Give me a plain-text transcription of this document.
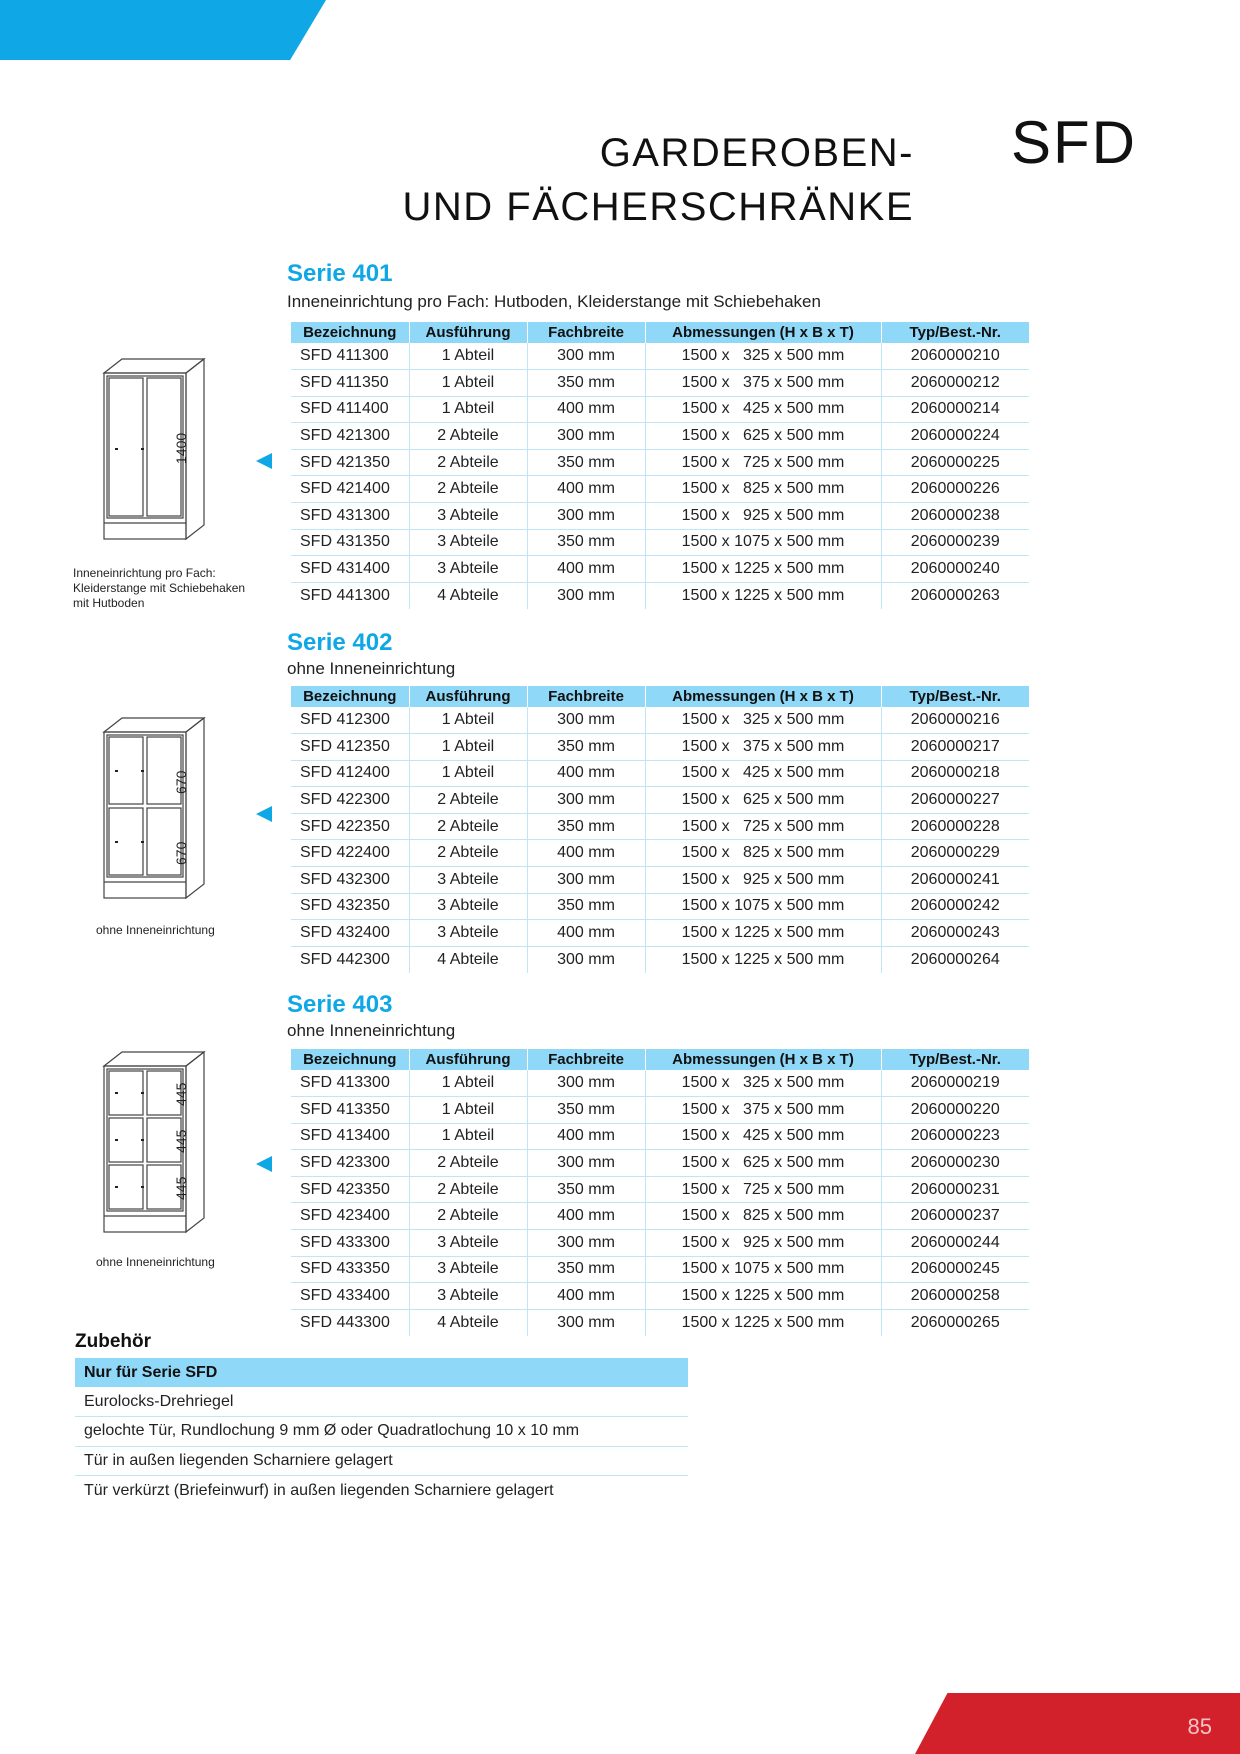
GARDEROBEN-
UND FÄCHERSCHRÄNKE
SFD
Serie 401
Inneneinrichtung pro Fach: Hutboden, Kleiderstange mit Schiebehaken
Bezeichnung	Ausführung	Fachbreite	Abmessungen (H x B x T)	Typ/Best.-Nr.
SFD 411300	1 Abteil	300 mm	1500 x   325 x 500 mm	2060000210
SFD 411350	1 Abteil	350 mm	1500 x   375 x 500 mm	2060000212
SFD 411400	1 Abteil	400 mm	1500 x   425 x 500 mm	2060000214
SFD 421300	2 Abteile	300 mm	1500 x   625 x 500 mm	2060000224
SFD 421350	2 Abteile	350 mm	1500 x   725 x 500 mm	2060000225
SFD 421400	2 Abteile	400 mm	1500 x   825 x 500 mm	2060000226
SFD 431300	3 Abteile	300 mm	1500 x   925 x 500 mm	2060000238
SFD 431350	3 Abteile	350 mm	1500 x 1075 x 500 mm	2060000239
SFD 431400	3 Abteile	400 mm	1500 x 1225 x 500 mm	2060000240
SFD 441300	4 Abteile	300 mm	1500 x 1225 x 500 mm	2060000263
1400
Inneneinrichtung pro Fach:
Kleiderstange mit Schiebehaken
mit Hutboden
Serie 402
ohne Inneneinrichtung
Bezeichnung	Ausführung	Fachbreite	Abmessungen (H x B x T)	Typ/Best.-Nr.
SFD 412300	1 Abteil	300 mm	1500 x   325 x 500 mm	2060000216
SFD 412350	1 Abteil	350 mm	1500 x   375 x 500 mm	2060000217
SFD 412400	1 Abteil	400 mm	1500 x   425 x 500 mm	2060000218
SFD 422300	2 Abteile	300 mm	1500 x   625 x 500 mm	2060000227
SFD 422350	2 Abteile	350 mm	1500 x   725 x 500 mm	2060000228
SFD 422400	2 Abteile	400 mm	1500 x   825 x 500 mm	2060000229
SFD 432300	3 Abteile	300 mm	1500 x   925 x 500 mm	2060000241
SFD 432350	3 Abteile	350 mm	1500 x 1075 x 500 mm	2060000242
SFD 432400	3 Abteile	400 mm	1500 x 1225 x 500 mm	2060000243
SFD 442300	4 Abteile	300 mm	1500 x 1225 x 500 mm	2060000264
670
670
ohne Inneneinrichtung
Serie 403
ohne Inneneinrichtung
Bezeichnung	Ausführung	Fachbreite	Abmessungen (H x B x T)	Typ/Best.-Nr.
SFD 413300	1 Abteil	300 mm	1500 x   325 x 500 mm	2060000219
SFD 413350	1 Abteil	350 mm	1500 x   375 x 500 mm	2060000220
SFD 413400	1 Abteil	400 mm	1500 x   425 x 500 mm	2060000223
SFD 423300	2 Abteile	300 mm	1500 x   625 x 500 mm	2060000230
SFD 423350	2 Abteile	350 mm	1500 x   725 x 500 mm	2060000231
SFD 423400	2 Abteile	400 mm	1500 x   825 x 500 mm	2060000237
SFD 433300	3 Abteile	300 mm	1500 x   925 x 500 mm	2060000244
SFD 433350	3 Abteile	350 mm	1500 x 1075 x 500 mm	2060000245
SFD 433400	3 Abteile	400 mm	1500 x 1225 x 500 mm	2060000258
SFD 443300	4 Abteile	300 mm	1500 x 1225 x 500 mm	2060000265
445
445
445
ohne Inneneinrichtung
Zubehör
Nur für Serie SFD
Eurolocks-Drehriegel
gelochte Tür, Rundlochung 9 mm Ø oder Quadratlochung 10 x 10 mm
Tür in außen liegenden Scharniere gelagert
Tür verkürzt (Briefeinwurf) in außen liegenden Scharniere gelagert
85
